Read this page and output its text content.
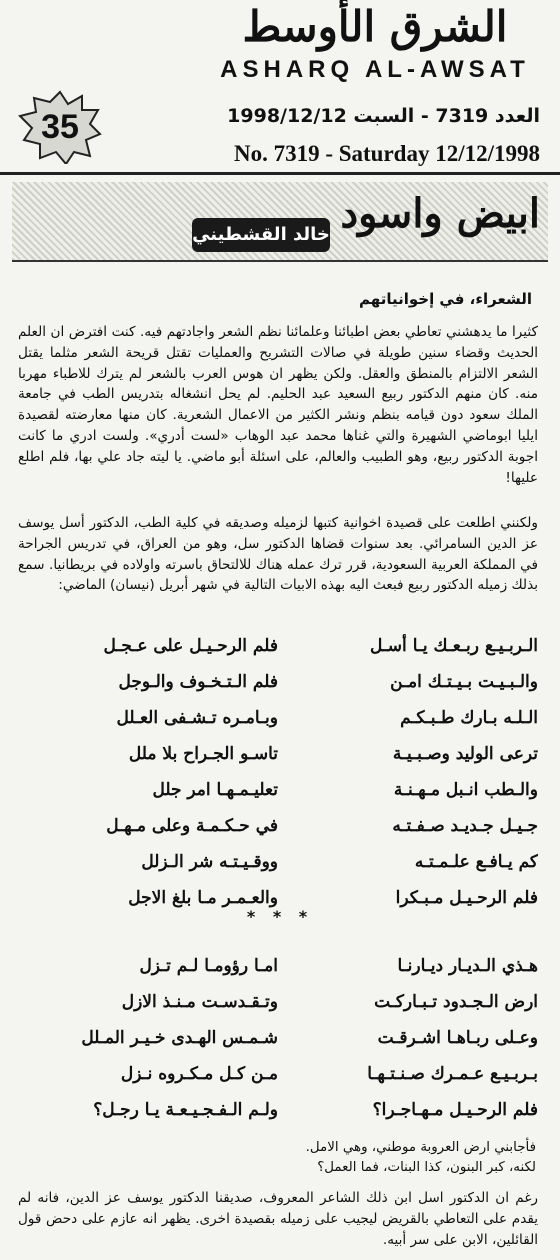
الشرق الأوسط
ASHARQ AL-AWSAT
35	العدد 7319 - السبت 1998/12/12
No. 7319 - Saturday 12/12/1998
ابيض واسود
خالد القشطيني
الشعراء، في إخوانياتهم

كثيرا ما يدهشني تعاطي بعض اطبائنا وعلمائنا نظم الشعر واجادتهم فيه. كنت افترض ان العلم الحديث وقضاء سنين طويلة في صالات التشريح والعمليات تقتل قريحة الشعر مثلما يقتل الشعر الالتزام بالمنطق والعقل. ولكن يظهر ان هوس العرب بالشعر لم يترك للاطباء مهربا منه. كان منهم الدكتور ربيع السعيد عبد الحليم. لم يحل انشغاله بتدريس الطب في جامعة الملك سعود دون قيامه بنظم ونشر الكثير من الاعمال الشعرية. كان منها معارضته لقصيدة ايليا ابوماضي الشهيرة والتي غناها محمد عبد الوهاب «لست أدري». ولست ادري ما كانت اجوبة الدكتور ربيع، وهو الطبيب والعالم، على اسئلة أبو ماضي. يا ليته جاد علي بها، فلم اطلع عليها!

ولكنني اطلعت على قصيدة اخوانية كتبها لزميله وصديقه في كلية الطب، الدكتور أسل يوسف عز الدين السامرائي. بعد سنوات قضاها الدكتور سل، وهو من العراق، في تدريس الجراحة في المملكة العربية السعودية، قرر ترك عمله هناك للالتحاق باسرته واولاده في بريطانيا. سمع بذلك زميله الدكتور ربيع فبعث اليه بهذه الابيات التالية في شهر أبريل (نيسان) الماضي:

الـربـيـع ربـعـك يـا أسـل
فلم الرحـيـل على عـجـل
والـبـيـت بـيـتـك امـن
فلم الـتـخـوف والـوجل
الـلـه بـارك طـبـكـم
وبـامـره تـشـفى العـلل
ترعى الوليد وصـبـيـة
تاسـو الجـراح بلا ملل
والـطب انـبل مـهـنـة
تعليـمـهـا امر جلل
جـيـل جـديـد صـفـتـه
في حـكـمـة وعلى مـهـل
كم يـافـع علـمـتـه
ووقـيـتـه شر الـزلل
فلم الرحـيـل مـبـكرا
والعـمـر مـا بلغ الاجل
* * *
هـذي الـديـار ديـارنـا
امـا رؤومـا لـم تـزل
ارض الـجـدود تـبـاركـت
وتـقـدسـت مـنـذ الازل
وعـلى ربـاهـا اشـرقـت
شـمـس الهـدى خـيـر المـلل
بـربـيـع عـمـرك صـنـتـهـا
مـن كـل مـكـروه نـزل
فلم الرحـيـل مـهـاجـرا؟
ولـم الـفـجـيـعـة يـا رجـل؟
فأجابني ارض العروبة موطني، وهي الامل.
لكنه، كبر البنون، كذا البنات، فما العمل؟

رغم ان الدكتور اسل ابن ذلك الشاعر المعروف، صديقنا الدكتور يوسف عز الدين، فانه لم يقدم على التعاطي بالقريض ليجيب على زميله بقصيدة اخرى. يظهر انه عازم على دحض قول القائلين، الابن على سر أبيه.
